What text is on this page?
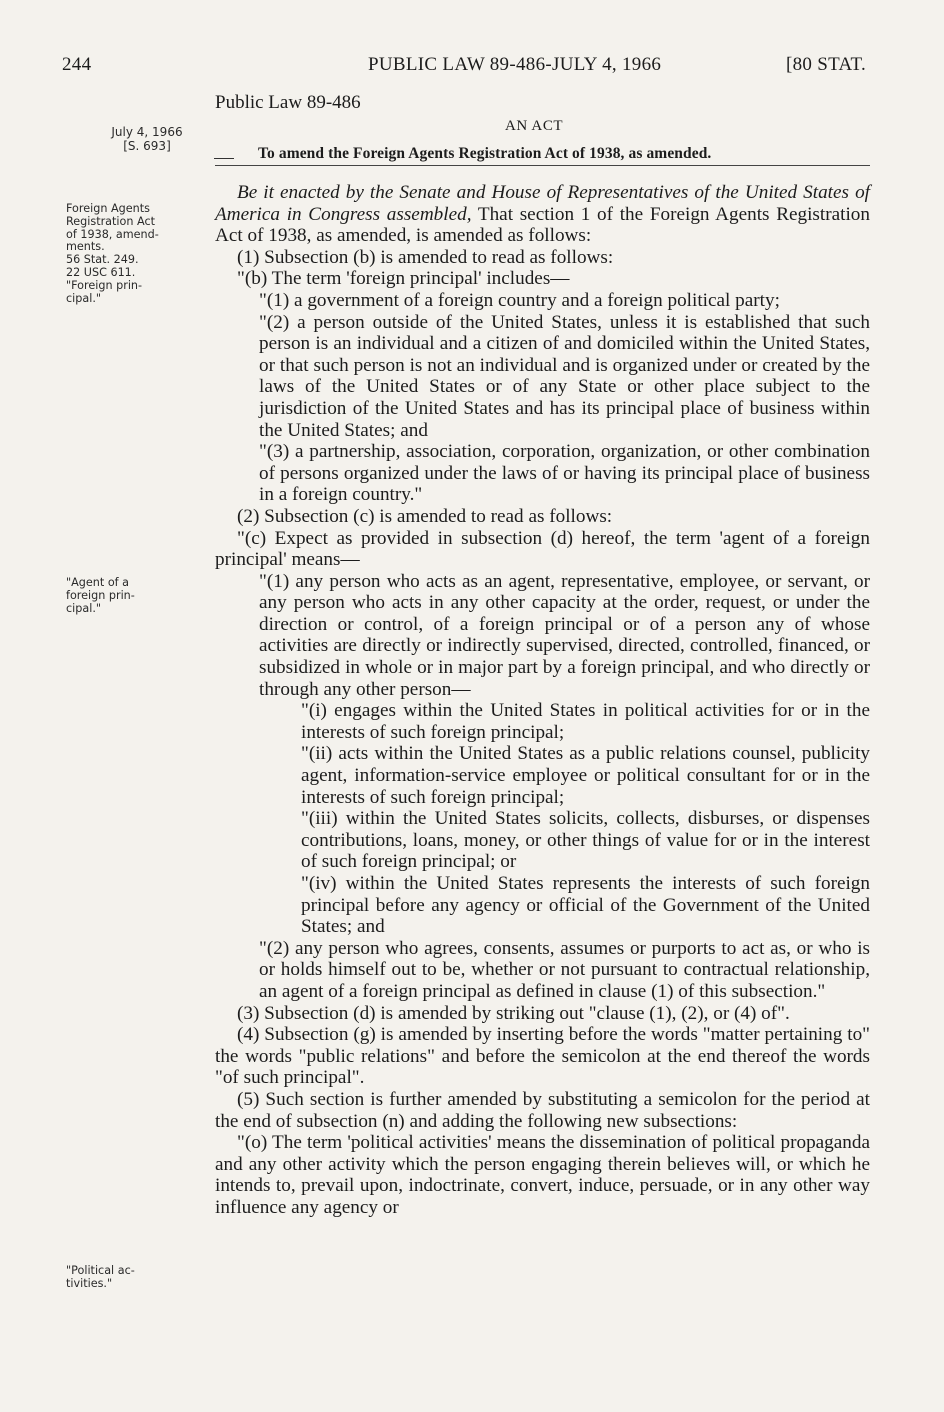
244	PUBLIC LAW 89-486-JULY 4, 1966	[80 STAT.
July 4, 1966
[S. 693]
Foreign Agents
Registration Act
of 1938, amend-
ments.
56 Stat. 249.
22 USC 611.
"Foreign prin-
cipal."
"Agent of a
foreign prin-
cipal."
"Political ac-
tivities."
Public Law 89-486
AN ACT
To amend the Foreign Agents Registration Act of 1938, as amended.

Be it enacted by the Senate and House of Representatives of the United States of America in Congress assembled, That section 1 of the Foreign Agents Registration Act of 1938, as amended, is amended as follows:

(1) Subsection (b) is amended to read as follows:

"(b) The term 'foreign principal' includes—

"(1) a government of a foreign country and a foreign political party;

"(2) a person outside of the United States, unless it is established that such person is an individual and a citizen of and domiciled within the United States, or that such person is not an individual and is organized under or created by the laws of the United States or of any State or other place subject to the jurisdiction of the United States and has its principal place of business within the United States; and

"(3) a partnership, association, corporation, organization, or other combination of persons organized under the laws of or having its principal place of business in a foreign country."

(2) Subsection (c) is amended to read as follows:

"(c) Expect as provided in subsection (d) hereof, the term 'agent of a foreign principal' means—

"(1) any person who acts as an agent, representative, employee, or servant, or any person who acts in any other capacity at the order, request, or under the direction or control, of a foreign principal or of a person any of whose activities are directly or indirectly supervised, directed, controlled, financed, or subsidized in whole or in major part by a foreign principal, and who directly or through any other person—

"(i) engages within the United States in political activities for or in the interests of such foreign principal;

"(ii) acts within the United States as a public relations counsel, publicity agent, information-service employee or political consultant for or in the interests of such foreign principal;

"(iii) within the United States solicits, collects, disburses, or dispenses contributions, loans, money, or other things of value for or in the interest of such foreign principal; or

"(iv) within the United States represents the interests of such foreign principal before any agency or official of the Government of the United States; and

"(2) any person who agrees, consents, assumes or purports to act as, or who is or holds himself out to be, whether or not pursuant to contractual relationship, an agent of a foreign principal as defined in clause (1) of this subsection."

(3) Subsection (d) is amended by striking out "clause (1), (2), or (4) of".

(4) Subsection (g) is amended by inserting before the words "matter pertaining to" the words "public relations" and before the semicolon at the end thereof the words "of such principal".

(5) Such section is further amended by substituting a semicolon for the period at the end of subsection (n) and adding the following new subsections:

"(o) The term 'political activities' means the dissemination of political propaganda and any other activity which the person engaging therein believes will, or which he intends to, prevail upon, indoctrinate, convert, induce, persuade, or in any other way influence any agency or
